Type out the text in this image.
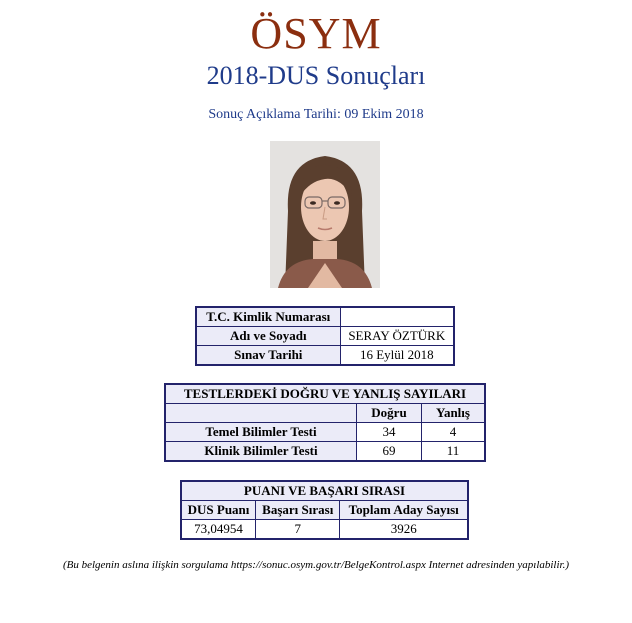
ÖSYM
2018-DUS Sonuçları
Sonuç Açıklama Tarihi: 09 Ekim 2018
T.C. Kimlik Numarası	
Adı ve Soyadı	SERAY ÖZTÜRK
Sınav Tarihi	16 Eylül 2018
TESTLERDEKİ DOĞRU VE YANLIŞ SAYILARI		
	Doğru	Yanlış
Temel Bilimler Testi	34	4
Klinik Bilimler Testi	69	11
PUANI VE BAŞARI SIRASI		
DUS Puanı	Başarı Sırası	Toplam Aday Sayısı
73,04954	7	3926
(Bu belgenin aslına ilişkin sorgulama https://sonuc.osym.gov.tr/BelgeKontrol.aspx Internet adresinden yapılabilir.)
